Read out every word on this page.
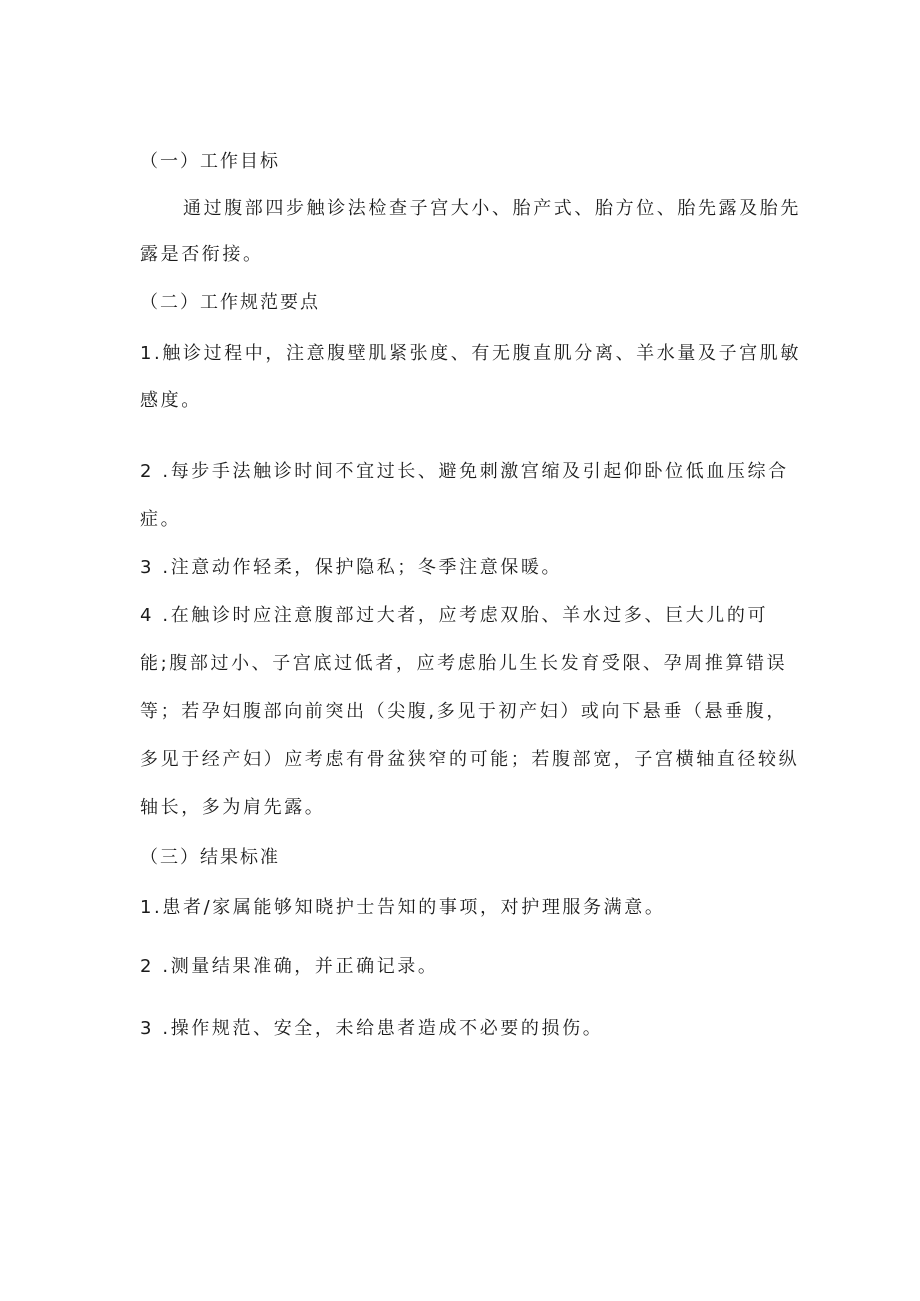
（一）工作目标
通过腹部四步触诊法检查子宫大小、胎产式、胎方位、胎先露及胎先
露是否衔接。
（二）工作规范要点
1.触诊过程中，注意腹壁肌紧张度、有无腹直肌分离、羊水量及子宫肌敏
感度。
2 .每步手法触诊时间不宜过长、避免刺激宫缩及引起仰卧位低血压综合
症。
3 .注意动作轻柔，保护隐私；冬季注意保暖。
4 .在触诊时应注意腹部过大者，应考虑双胎、羊水过多、巨大儿的可
能;腹部过小、子宫底过低者，应考虑胎儿生长发育受限、孕周推算错误
等；若孕妇腹部向前突出（尖腹,多见于初产妇）或向下悬垂（悬垂腹，
多见于经产妇）应考虑有骨盆狭窄的可能；若腹部宽，子宫横轴直径较纵
轴长，多为肩先露。
（三）结果标准
1.患者/家属能够知晓护士告知的事项，对护理服务满意。
2 .测量结果准确，并正确记录。
3 .操作规范、安全，未给患者造成不必要的损伤。
